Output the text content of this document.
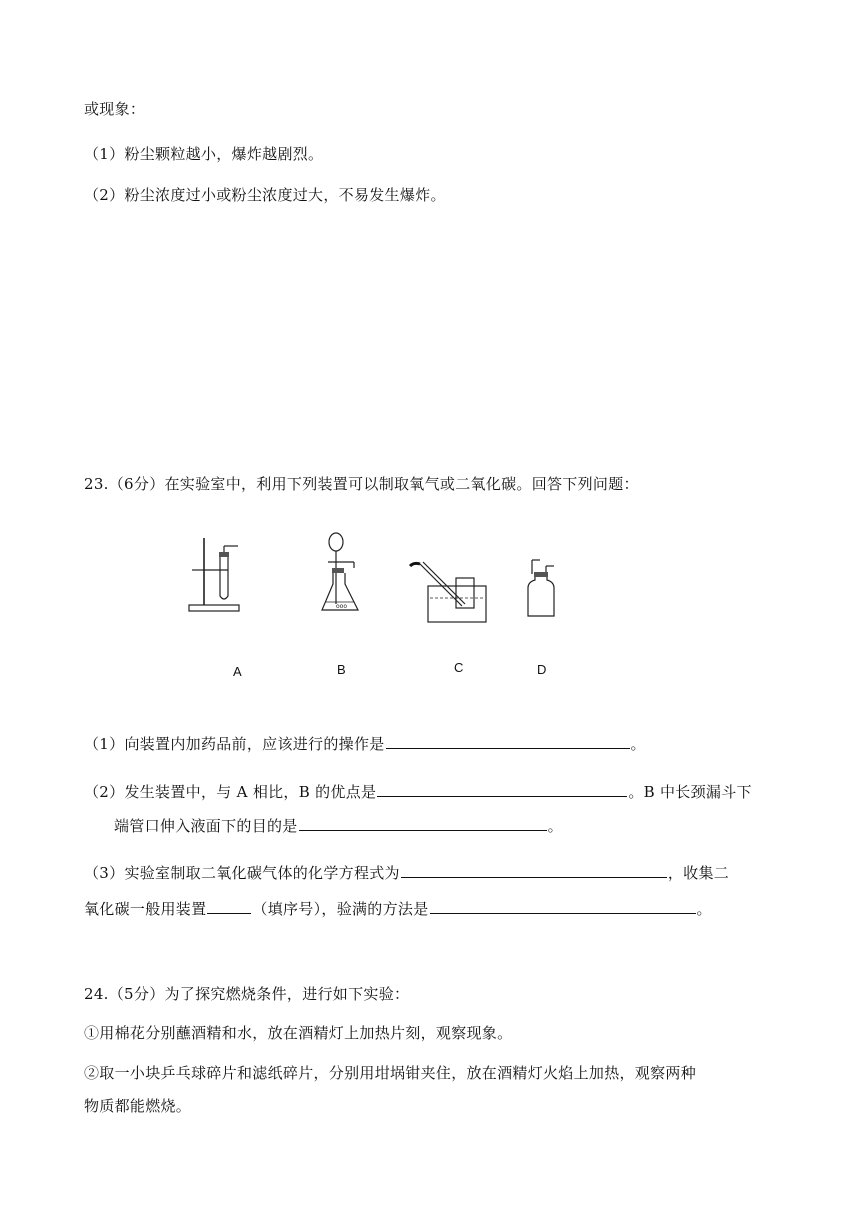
或现象：
（1）粉尘颗粒越小，爆炸越剧烈。
（2）粉尘浓度过小或粉尘浓度过大，不易发生爆炸。
23.（6分）在实验室中，利用下列装置可以制取氧气或二氧化碳。回答下列问题：
ooo
A	B	C	D
（1）向装置内加药品前，应该进行的操作是	。
（2）发生装置中，与 A 相比，B 的优点是	。B 中长颈漏斗下
端管口伸入液面下的目的是	。
（3）实验室制取二氧化碳气体的化学方程式为	，收集二
氧化碳一般用装置	（填序号），验满的方法是	。
24.（5分）为了探究燃烧条件，进行如下实验：
①用棉花分别蘸酒精和水，放在酒精灯上加热片刻，观察现象。
②取一小块乒乓球碎片和滤纸碎片，分别用坩埚钳夹住，放在酒精灯火焰上加热，观察两种
物质都能燃烧。
